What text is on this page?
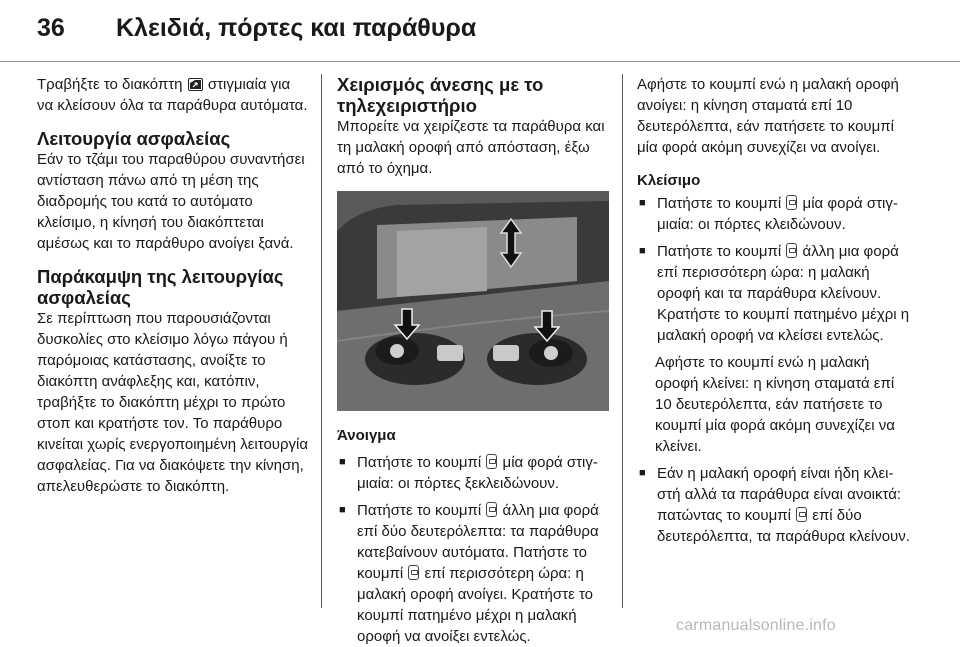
36 Κλειδιά, πόρτες και παράθυρα

Τραβήξτε το διακόπτη  στιγμιαία για να κλείσουν όλα τα παράθυρα αυτόματα.

Λειτουργία ασφαλείας

Εάν το τζάμι του παραθύρου συναντήσει αντίσταση πάνω από τη μέση της διαδρομής του κατά το αυτόματο κλείσιμο, η κίνησή του διακόπτεται αμέσως και το παράθυρο ανοίγει ξανά.

Παράκαμψη της λειτουργίας ασφαλείας

Σε περίπτωση που παρουσιάζονται δυσκολίες στο κλείσιμο λόγω πάγου ή παρόμοιας κατάστασης, ανοίξτε το διακόπτη ανάφλεξης και, κατόπιν, τραβήξτε το διακόπτη μέχρι το πρώτο στοπ και κρατήστε τον. Το παράθυρο κινείται χωρίς ενεργοποιημένη λειτουργία ασφαλείας. Για να διακόψετε την κίνηση, απελευθερώστε το διακόπτη.

Χειρισμός άνεσης με το τηλεχειριστήριο

Μπορείτε να χειρίζεστε τα παράθυρα και τη μαλακή οροφή από απόσταση, έξω από το όχημα.

Άνοιγμα
■ Πατήστε το κουμπί  μία φορά στιγμιαία: οι πόρτες ξεκλειδώνουν.
■ Πατήστε το κουμπί  άλλη μια φορά επί δύο δευτερόλεπτα: τα παράθυρα κατεβαίνουν αυτόματα. Πατήστε το κουμπί  επί περισσότερη ώρα: η μαλακή οροφή ανοίγει. Κρατήστε το κουμπί πατημένο μέχρι η μαλακή οροφή να ανοίξει εντελώς.

Αφήστε το κουμπί ενώ η μαλακή οροφή ανοίγει: η κίνηση σταματά επί 10 δευτερόλεπτα, εάν πατήσετε το κουμπί μία φορά ακόμη συνεχίζει να ανοίγει.

Κλείσιμο
■ Πατήστε το κουμπί  μία φορά στιγμιαία: οι πόρτες κλειδώνουν.
■ Πατήστε το κουμπί  άλλη μια φορά επί περισσότερη ώρα: η μαλακή οροφή και τα παράθυρα κλείνουν. Κρατήστε το κουμπί πατημένο μέχρι η μαλακή οροφή να κλείσει εντελώς.

Αφήστε το κουμπί ενώ η μαλακή οροφή κλείνει: η κίνηση σταματά επί 10 δευτερόλεπτα, εάν πατήσετε το κουμπί μία φορά ακόμη συνεχίζει να κλείνει.

■ Εάν η μαλακή οροφή είναι ήδη κλειστή αλλά τα παράθυρα είναι ανοικτά: πατώντας το κουμπί  επί δύο δευτερόλεπτα, τα παράθυρα κλείνουν.
carmanualsonline.info
